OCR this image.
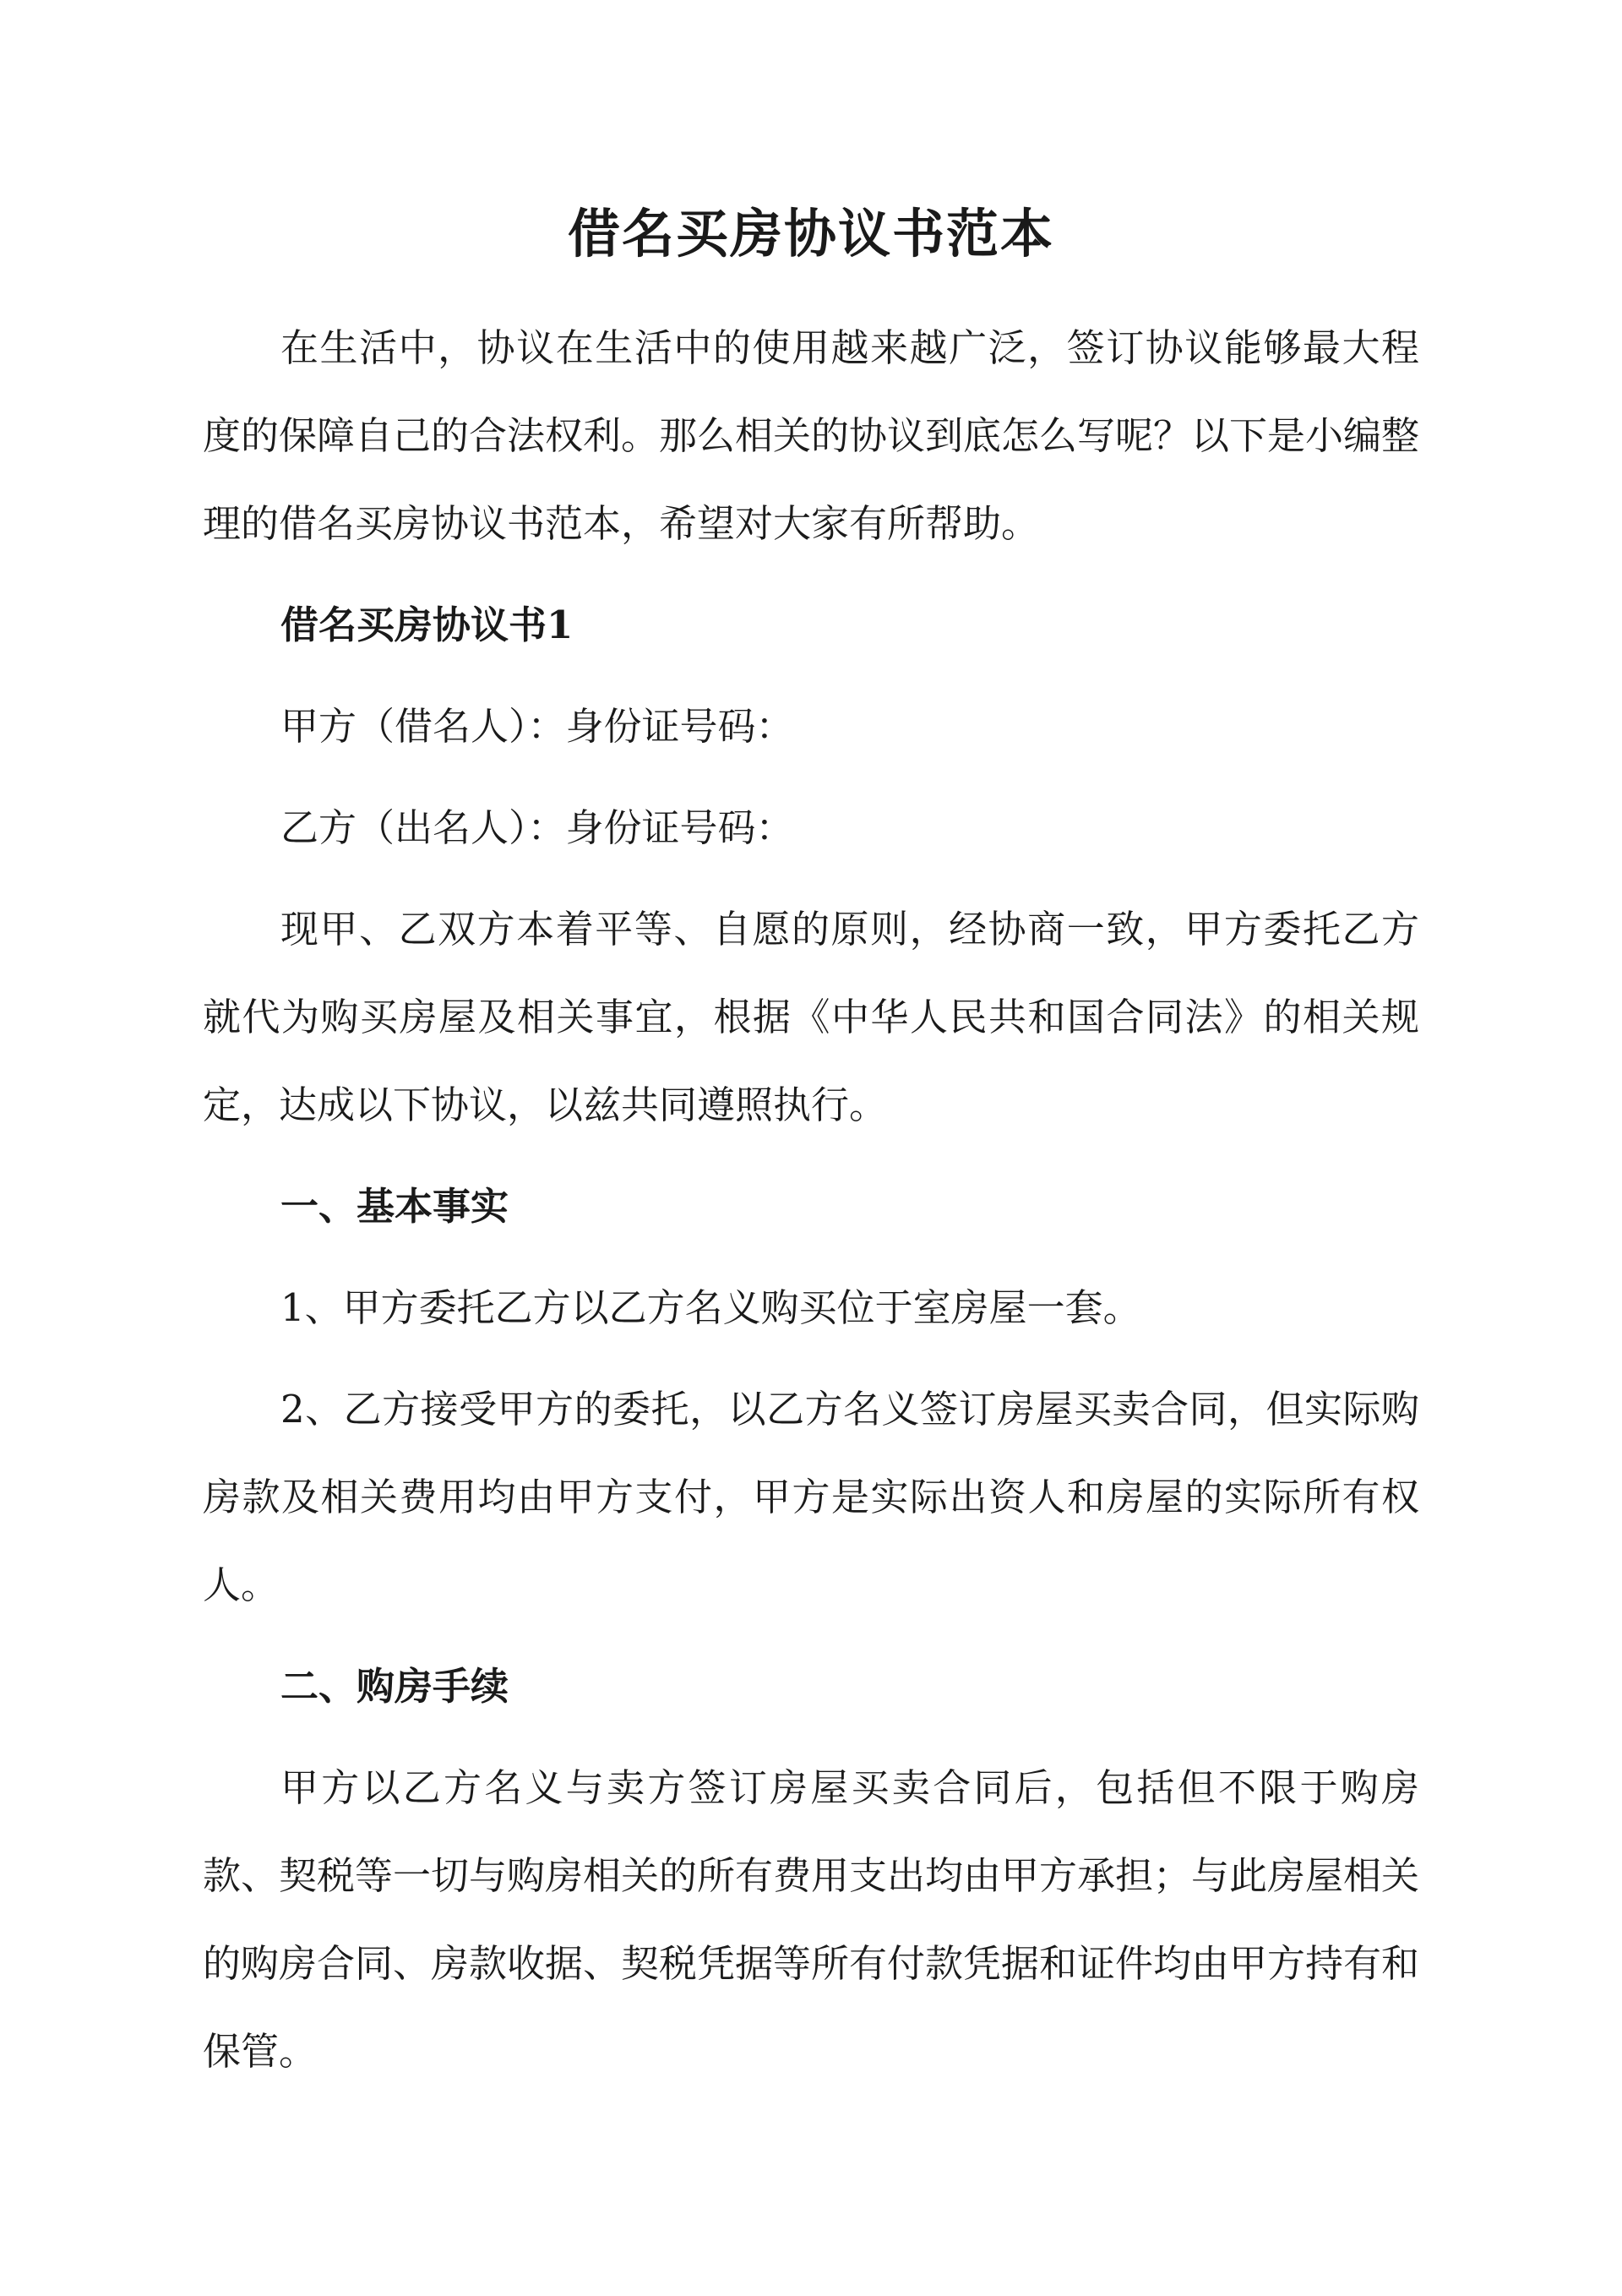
借名买房协议书范本

在生活中，协议在生活中的使用越来越广泛，签订协议能够最大程度的保障自己的合法权利。那么相关的协议到底怎么写呢？以下是小编整理的借名买房协议书范本，希望对大家有所帮助。

借名买房协议书1

甲方（借名人）：身份证号码：

乙方（出名人）：身份证号码：

现甲、乙双方本着平等、自愿的原则，经协商一致，甲方委托乙方就代为购买房屋及相关事宜，根据《中华人民共和国合同法》的相关规定，达成以下协议，以兹共同遵照执行。

一、基本事实

1、甲方委托乙方以乙方名义购买位于室房屋一套。

2、乙方接受甲方的委托，以乙方名义签订房屋买卖合同，但实际购房款及相关费用均由甲方支付，甲方是实际出资人和房屋的实际所有权人。

二、购房手续

甲方以乙方名义与卖方签订房屋买卖合同后，包括但不限于购房款、契税等一切与购房相关的所有费用支出均由甲方承担；与此房屋相关的购房合同、房款收据、契税凭据等所有付款凭据和证件均由甲方持有和保管。
